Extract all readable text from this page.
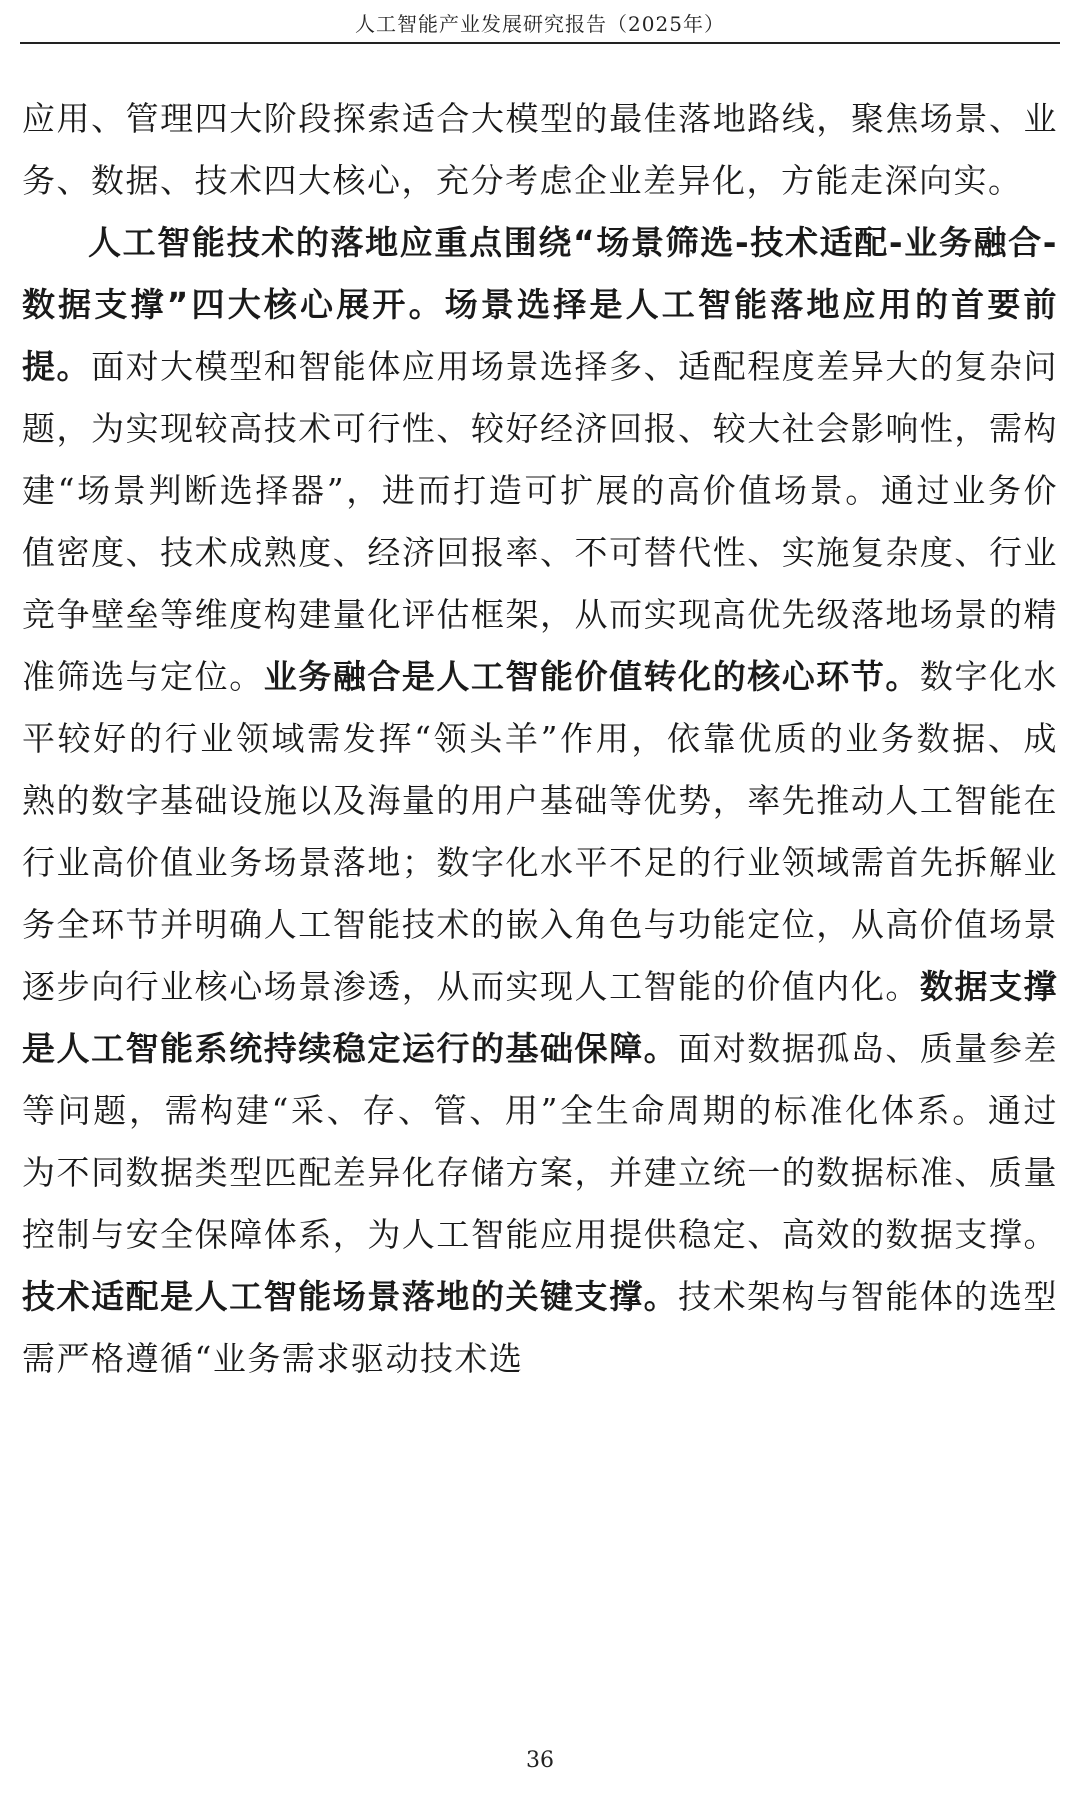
人工智能产业发展研究报告（2025年）

应用、管理四大阶段探索适合大模型的最佳落地路线，聚焦场景、业务、数据、技术四大核心，充分考虑企业差异化，方能走深向实。

人工智能技术的落地应重点围绕“场景筛选-技术适配-业务融合-数据支撑”四大核心展开。场景选择是人工智能落地应用的首要前提。面对大模型和智能体应用场景选择多、适配程度差异大的复杂问题，为实现较高技术可行性、较好经济回报、较大社会影响性，需构建“场景判断选择器”，进而打造可扩展的高价值场景。通过业务价值密度、技术成熟度、经济回报率、不可替代性、实施复杂度、行业竞争壁垒等维度构建量化评估框架，从而实现高优先级落地场景的精准筛选与定位。业务融合是人工智能价值转化的核心环节。数字化水平较好的行业领域需发挥“领头羊”作用，依靠优质的业务数据、成熟的数字基础设施以及海量的用户基础等优势，率先推动人工智能在行业高价值业务场景落地；数字化水平不足的行业领域需首先拆解业务全环节并明确人工智能技术的嵌入角色与功能定位，从高价值场景逐步向行业核心场景渗透，从而实现人工智能的价值内化。数据支撑是人工智能系统持续稳定运行的基础保障。面对数据孤岛、质量参差等问题，需构建“采、存、管、用”全生命周期的标准化体系。通过为不同数据类型匹配差异化存储方案，并建立统一的数据标准、质量控制与安全保障体系，为人工智能应用提供稳定、高效的数据支撑。技术适配是人工智能场景落地的关键支撑。技术架构与智能体的选型需严格遵循“业务需求驱动技术选

36
